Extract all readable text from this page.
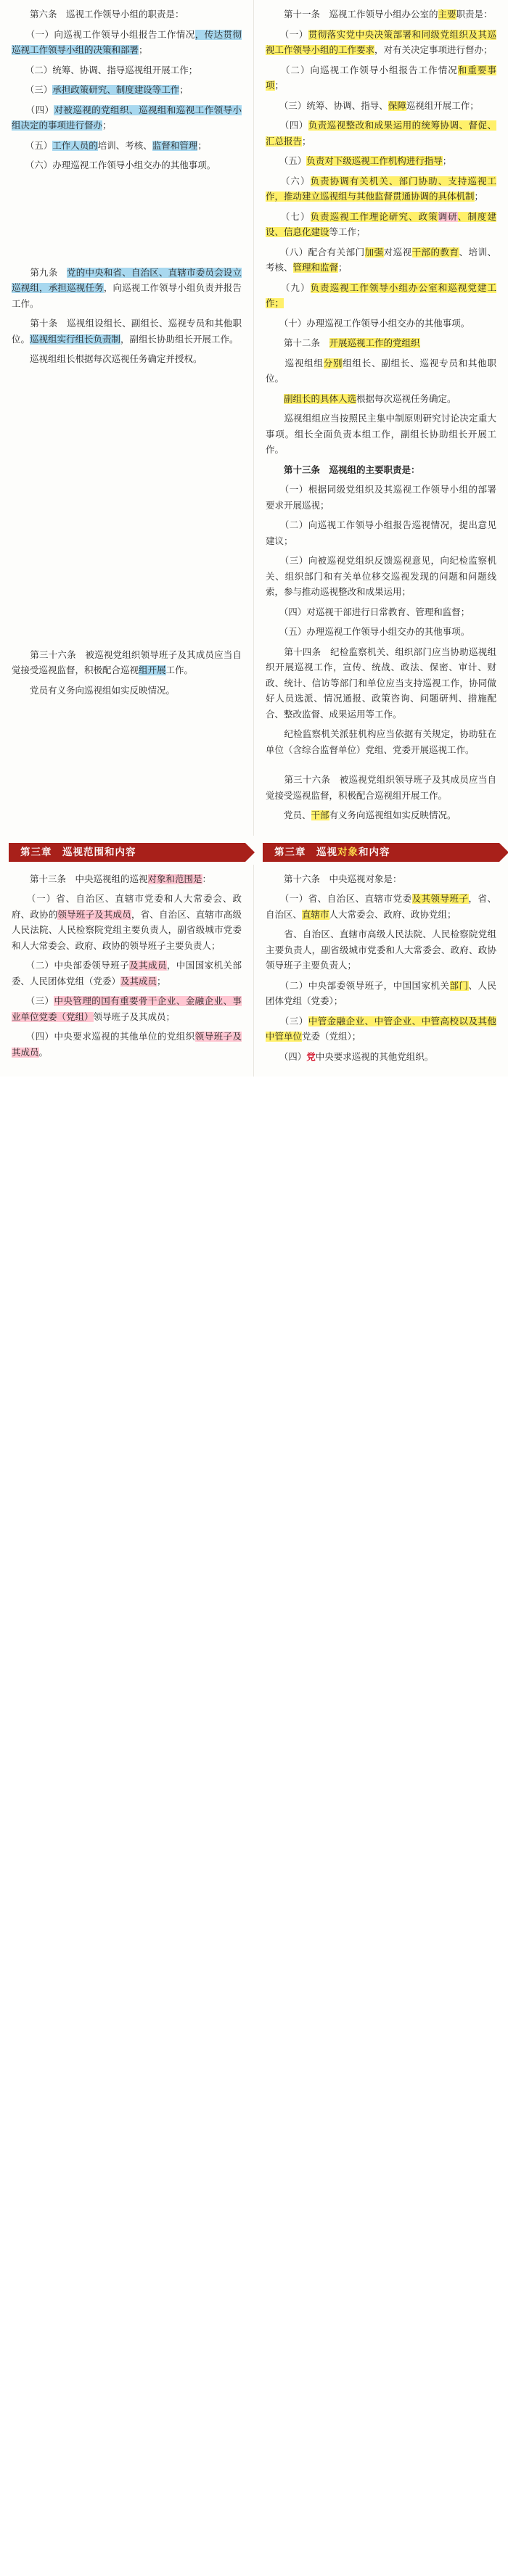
　　第六条　巡视工作领导小组的职责是：

　　（一）向巡视工作领导小组报告工作情况，传达贯彻巡视工作领导小组的决策和部署；

　　（二）统筹、协调、指导巡视组开展工作；

　　（三）承担政策研究、制度建设等工作；

　　（四）对被巡视的党组织、巡视组和巡视工作领导小组决定的事项进行督办；

　　（五）工作人员的培训、考核、监督和管理；

　　（六）办理巡视工作领导小组交办的其他事项。

　　第九条　党的中央和省、自治区、直辖市委员会设立巡视组，承担巡视任务，向巡视工作领导小组负责并报告工作。

　　第十条　巡视组设组长、副组长、巡视专员和其他职位。巡视组实行组长负责制，副组长协助组长开展工作。

　　巡视组组长根据每次巡视任务确定并授权。

　　第三十六条　被巡视党组织领导班子及其成员应当自觉接受巡视监督，积极配合巡视组开展工作。

　　党员有义务向巡视组如实反映情况。

　　第十一条　巡视工作领导小组办公室的主要职责是：

　　（一）贯彻落实党中央决策部署和同级党组织及其巡视工作领导小组的工作要求，对有关决定事项进行督办；

　　（二）向巡视工作领导小组报告工作情况和重要事项；

　　（三）统筹、协调、指导、保障巡视组开展工作；

　　（四）负责巡视整改和成果运用的统筹协调、督促、汇总报告；

　　（五）负责对下级巡视工作机构进行指导；

　　（六）负责协调有关机关、部门协助、支持巡视工作，推动建立巡视组与其他监督贯通协调的具体机制；

　　（七）负责巡视工作理论研究、政策调研、制度建设、信息化建设等工作；

　　（八）配合有关部门加强对巡视干部的教育、培训、考核、管理和监督；

　　（九）负责巡视工作领导小组办公室和巡视党建工作；

　　（十）办理巡视工作领导小组交办的其他事项。

　　第十二条　开展巡视工作的党组织

　　巡视组组分别组组长、副组长、巡视专员和其他职位。

　　副组长的具体人选根据每次巡视任务确定。

　　巡视组组应当按照民主集中制原则研究讨论决定重大事项。组长全面负责本组工作，副组长协助组长开展工作。

　　第十三条　巡视组的主要职责是：

　　（一）根据同级党组织及其巡视工作领导小组的部署要求开展巡视；

　　（二）向巡视工作领导小组报告巡视情况，提出意见建议；

　　（三）向被巡视党组织反馈巡视意见，向纪检监察机关、组织部门和有关单位移交巡视发现的问题和问题线索，参与推动巡视整改和成果运用；

　　（四）对巡视干部进行日常教育、管理和监督；

　　（五）办理巡视工作领导小组交办的其他事项。

　　第十四条　纪检监察机关、组织部门应当协助巡视组织开展巡视工作，宣传、统战、政法、保密、审计、财政、统计、信访等部门和单位应当支持巡视工作，协同做好人员选派、情况通报、政策咨询、问题研判、措施配合、整改监督、成果运用等工作。

　　纪检监察机关派驻机构应当依据有关规定，协助驻在单位（含综合监督单位）党组、党委开展巡视工作。

　　第三十六条　被巡视党组织领导班子及其成员应当自觉接受巡视监督，积极配合巡视组开展工作。

　　党员、干部有义务向巡视组如实反映情况。

第三章　巡视 范围 和内容	第三章　巡视 对象 和内容

　　第十三条　中央巡视组的巡视对象和范围是：

　　（一）省、自治区、直辖市党委和人大常委会、政府、政协的领导班子及其成员，省、自治区、直辖市高级人民法院、人民检察院党组主要负责人，副省级城市党委和人大常委会、政府、政协的领导班子主要负责人；

　　（二）中央部委领导班子及其成员，中国国家机关部委、人民团体党组（党委）及其成员；

　　（三）中央管理的国有重要骨干企业、金融企业、事业单位党委（党组）领导班子及其成员；

　　（四）中央要求巡视的其他单位的党组织领导班子及其成员。

　　第十六条　中央巡视对象是：

　　（一）省、自治区、直辖市党委及其领导班子，省、自治区、直辖市人大常委会、政府、政协党组；

　　省、自治区、直辖市高级人民法院、人民检察院党组主要负责人，副省级城市党委和人大常委会、政府、政协领导班子主要负责人；

　　（二）中央部委领导班子，中国国家机关部门、人民团体党组（党委）；

　　（三）中管金融企业、中管企业、中管高校以及其他中管单位党委（党组）；

　　（四）党中央要求巡视的其他党组织。
